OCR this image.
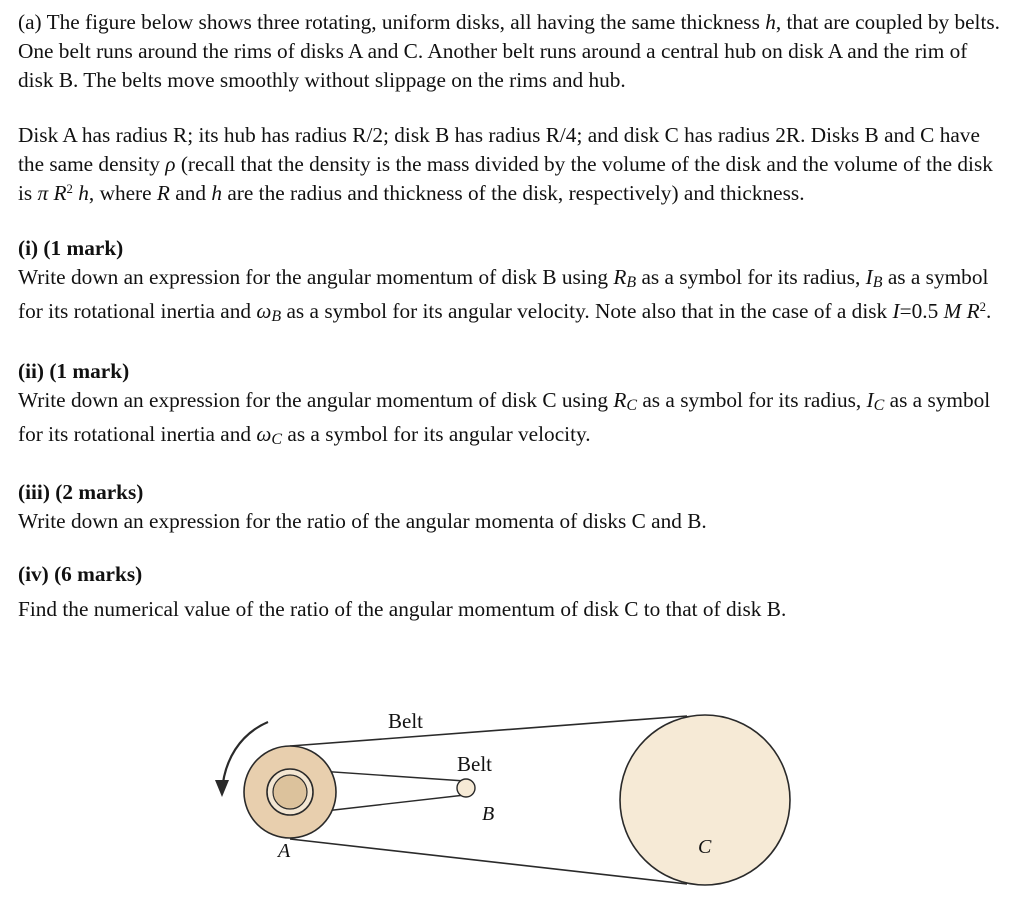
(a) The figure below shows three rotating, uniform disks, all having the same thickness h, that are coupled by belts. One belt runs around the rims of disks A and C. Another belt runs around a central hub on disk A and the rim of disk B. The belts move smoothly without slippage on the rims and hub.

Disk A has radius R; its hub has radius R/2; disk B has radius R/4; and disk C has radius 2R. Disks B and C have the same density ρ (recall that the density is the mass divided by the volume of the disk and the volume of the disk is π $R^2$ h, where R and h are the radius and thickness of the disk, respectively) and thickness.

(i) (1 mark)
Write down an expression for the angular momentum of disk B using $R_B$ as a symbol for its radius, $I_B$ as a symbol for its rotational inertia and $\omega_B$ as a symbol for its angular velocity. Note also that in the case of a disk I=0.5 M $R^2$.

(ii) (1 mark)
Write down an expression for the angular momentum of disk C using $R_C$ as a symbol for its radius, $I_C$ as a symbol for its rotational inertia and $\omega_C$ as a symbol for its angular velocity.

(iii) (2 marks)
Write down an expression for the ratio of the angular momenta of disks C and B.

(iv) (6 marks)
Find the numerical value of the ratio of the angular momentum of disk C to that of disk B.

Belt
Belt
B
A	C
